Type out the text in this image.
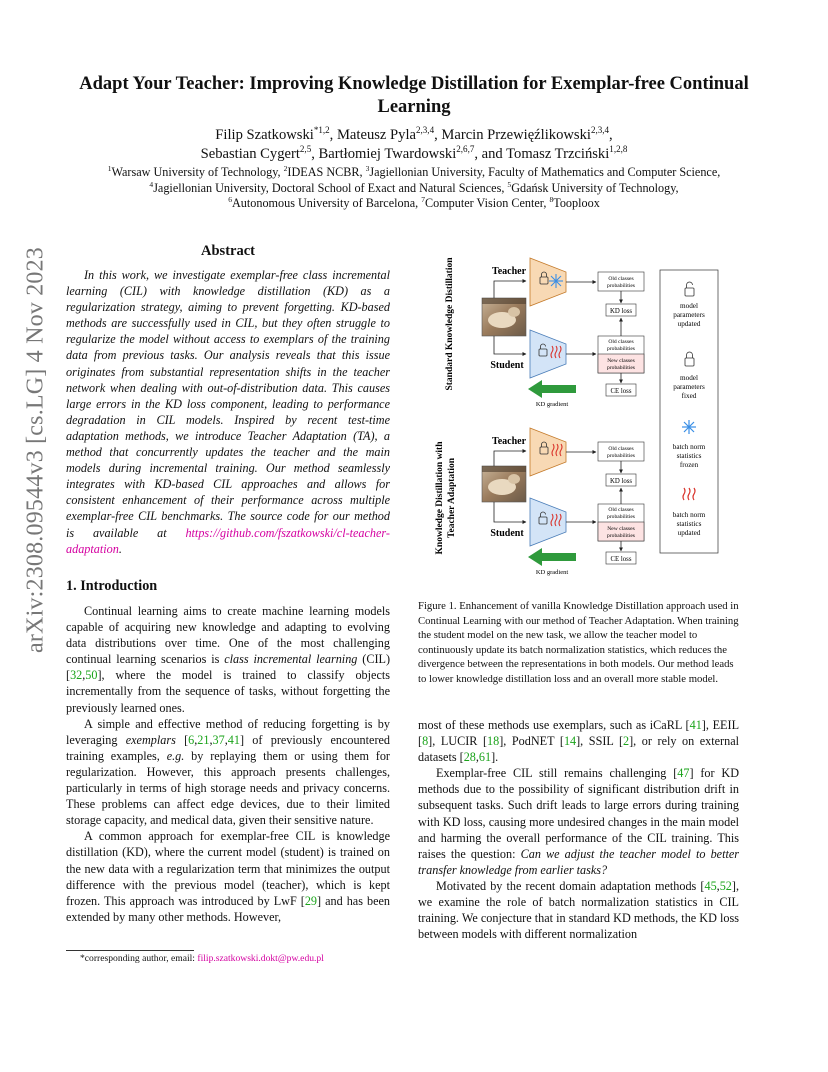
Adapt Your Teacher: Improving Knowledge Distillation for Exemplar-free Continual Learning
Filip Szatkowski$^{*1,2}$, Mateusz Pyla$^{2,3,4}$, Marcin Przewięźlikowski$^{2,3,4}$,
Sebastian Cygert$^{2,5}$, Bartłomiej Twardowski$^{2,6,7}$, and Tomasz Trzciński$^{1,2,8}$
$^1$Warsaw University of Technology, $^2$IDEAS NCBR, $^3$Jagiellonian University, Faculty of Mathematics and Computer Science,
$^4$Jagiellonian University, Doctoral School of Exact and Natural Sciences, $^5$Gdańsk University of Technology,
$^6$Autonomous University of Barcelona, $^7$Computer Vision Center, $^8$Tooploox
arXiv:2308.09544v3 [cs.LG] 4 Nov 2023	Abstract

In this work, we investigate exemplar-free class incremental learning (CIL) with knowledge distillation (KD) as a regularization strategy, aiming to prevent forgetting. KD-based methods are successfully used in CIL, but they often struggle to regularize the model without access to exemplars of the training data from previous tasks. Our analysis reveals that this issue originates from substantial representation shifts in the teacher network when dealing with out-of-distribution data. This causes large errors in the KD loss component, leading to performance degradation in CIL models. Inspired by recent test-time adaptation methods, we introduce Teacher Adaptation (TA), a method that concurrently updates the teacher and the main models during incremental training. Our method seamlessly integrates with KD-based CIL approaches and allows for consistent enhancement of their performance across multiple exemplar-free CIL benchmarks. The source code for our method is available at https://github.com/fszatkowski/cl-teacher-adaptation.

1. Introduction

Continual learning aims to create machine learning models capable of acquiring new knowledge and adapting to evolving data distributions over time. One of the most challenging continual learning scenarios is class incremental learning (CIL) [32,50], where the model is trained to classify objects incrementally from the sequence of tasks, without forgetting the previously learned ones.

A simple and effective method of reducing forgetting is by leveraging exemplars [6,21,37,41] of previously encountered training examples, e.g. by replaying them or using them for regularization. However, this approach presents challenges, particularly in terms of high storage needs and privacy concerns. These problems can affect edge devices, due to their limited storage capacity, and medical data, given their sensitive nature.

A common approach for exemplar-free CIL is knowledge distillation (KD), where the current model (student) is trained on the new data with a regularization term that minimizes the output difference with the previous model (teacher), which is kept frozen. This approach was introduced by LwF [29] and has been extended by many other methods. However,

*corresponding author, email: filip.szatkowski.dokt@pw.edu.pl
Standard Knowledge Distillation
Knowledge Distillation with Teacher Adaptation
Teacher
Student
Old classes
probabilities
KD loss
Old classes
probabilities
New classes
probabilities
CE loss
KD gradient
Teacher
Student
Old classes
probabilities
KD loss
Old classes
probabilities
New classes
probabilities
CE loss
KD gradient
model
parameters
updated
model
parameters
fixed
batch norm
statistics
frozen
batch norm
statistics
updated
Figure 1. Enhancement of vanilla Knowledge Distillation approach used in Continual Learning with our method of Teacher Adaptation. When training the student model on the new task, we allow the teacher model to continuously update its batch normalization statistics, which reduces the divergence between the representations in both models. Our method leads to lower knowledge distillation loss and an overall more stable model.

most of these methods use exemplars, such as iCaRL [41], EEIL [8], LUCIR [18], PodNET [14], SSIL [2], or rely on external datasets [28,61].

Exemplar-free CIL still remains challenging [47] for KD methods due to the possibility of significant distribution drift in subsequent tasks. Such drift leads to large errors during training with KD loss, causing more undesired changes in the main model and harming the overall performance of the CIL training. This raises the question: Can we adjust the teacher model to better transfer knowledge from earlier tasks?

Motivated by the recent domain adaptation methods [45,52], we examine the role of batch normalization statistics in CIL training. We conjecture that in standard KD methods, the KD loss between models with different normalization
